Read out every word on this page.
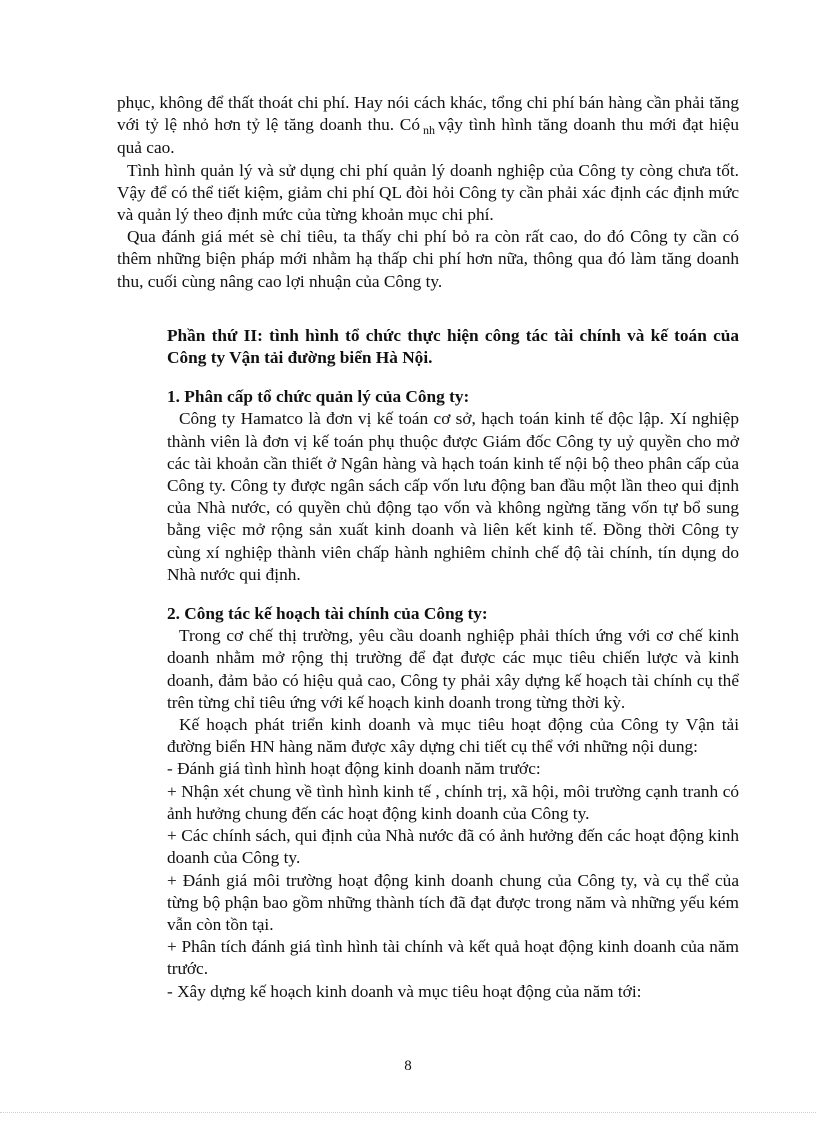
phục, không để thất thoát chi phí. Hay nói cách khác, tổng chi phí bán hàng cần phải tăng với tỷ lệ nhỏ hơn tỷ lệ tăng doanh thu. Có $_{nh}$ vậy tình hình tăng doanh thu mới đạt hiệu quả cao.

Tình hình quản lý và sử dụng chi phí quản lý doanh nghiệp của Công ty còng chưa tốt. Vậy để có thể tiết kiệm, giảm chi phí QL đòi hỏi Công ty cần phải xác định các định mức và quản lý theo định mức của từng khoản mục chi phí.

Qua đánh giá mét sè chỉ tiêu, ta thấy chi phí bỏ ra còn rất cao, do đó Công ty cần có thêm những biện pháp mới nhằm hạ thấp chi phí hơn nữa, thông qua đó làm tăng doanh thu, cuối cùng nâng cao lợi nhuận của Công ty.

Phần thứ II: tình hình tổ chức thực hiện công tác tài chính và kế toán của Công ty Vận tải đường biển Hà Nội.

1. Phân cấp tổ chức quản lý của Công ty:

Công ty Hamatco là đơn vị kế toán cơ sở, hạch toán kinh tế độc lập. Xí nghiệp thành viên là đơn vị kế toán phụ thuộc được Giám đốc Công ty uỷ quyền cho mở các tài khoản cần thiết ở Ngân hàng và hạch toán kinh tế nội bộ theo phân cấp của Công ty. Công ty được ngân sách cấp vốn lưu động ban đầu một lần theo qui định của Nhà nước, có quyền chủ động tạo vốn và không ngừng tăng vốn tự bổ sung bằng việc mở rộng sản xuất kinh doanh và liên kết kinh tế. Đồng thời Công ty cùng xí nghiệp thành viên chấp hành nghiêm chỉnh chế độ tài chính, tín dụng do Nhà nước qui định.

2. Công tác kế hoạch tài chính của Công ty:

Trong cơ chế thị trường, yêu cầu doanh nghiệp phải thích ứng với cơ chế kinh doanh nhằm mở rộng thị trường để đạt được các mục tiêu chiến lược và kinh doanh, đảm bảo có hiệu quả cao, Công ty phải xây dựng kế hoạch tài chính cụ thể trên từng chỉ tiêu ứng với kế hoạch kinh doanh trong từng thời kỳ.

Kế hoạch phát triển kinh doanh và mục tiêu hoạt động của Công ty Vận tải đường biển HN hàng năm được xây dựng chi tiết cụ thể với những nội dung:

- Đánh giá tình hình hoạt động kinh doanh năm trước:

+ Nhận xét chung về tình hình kinh tế , chính trị, xã hội, môi trường cạnh tranh có ảnh hưởng chung đến các hoạt động kinh doanh của Công ty.

+ Các chính sách, qui định của Nhà nước đã có ảnh hưởng đến các hoạt động kinh doanh của Công ty.

+ Đánh giá môi trường hoạt động kinh doanh chung của Công ty, và cụ thể của từng bộ phận bao gồm những thành tích đã đạt được trong năm và những yếu kém vẫn còn tồn tại.

+ Phân tích đánh giá tình hình tài chính và kết quả hoạt động kinh doanh của năm trước.

- Xây dựng kế hoạch kinh doanh và mục tiêu hoạt động của năm tới:

8
